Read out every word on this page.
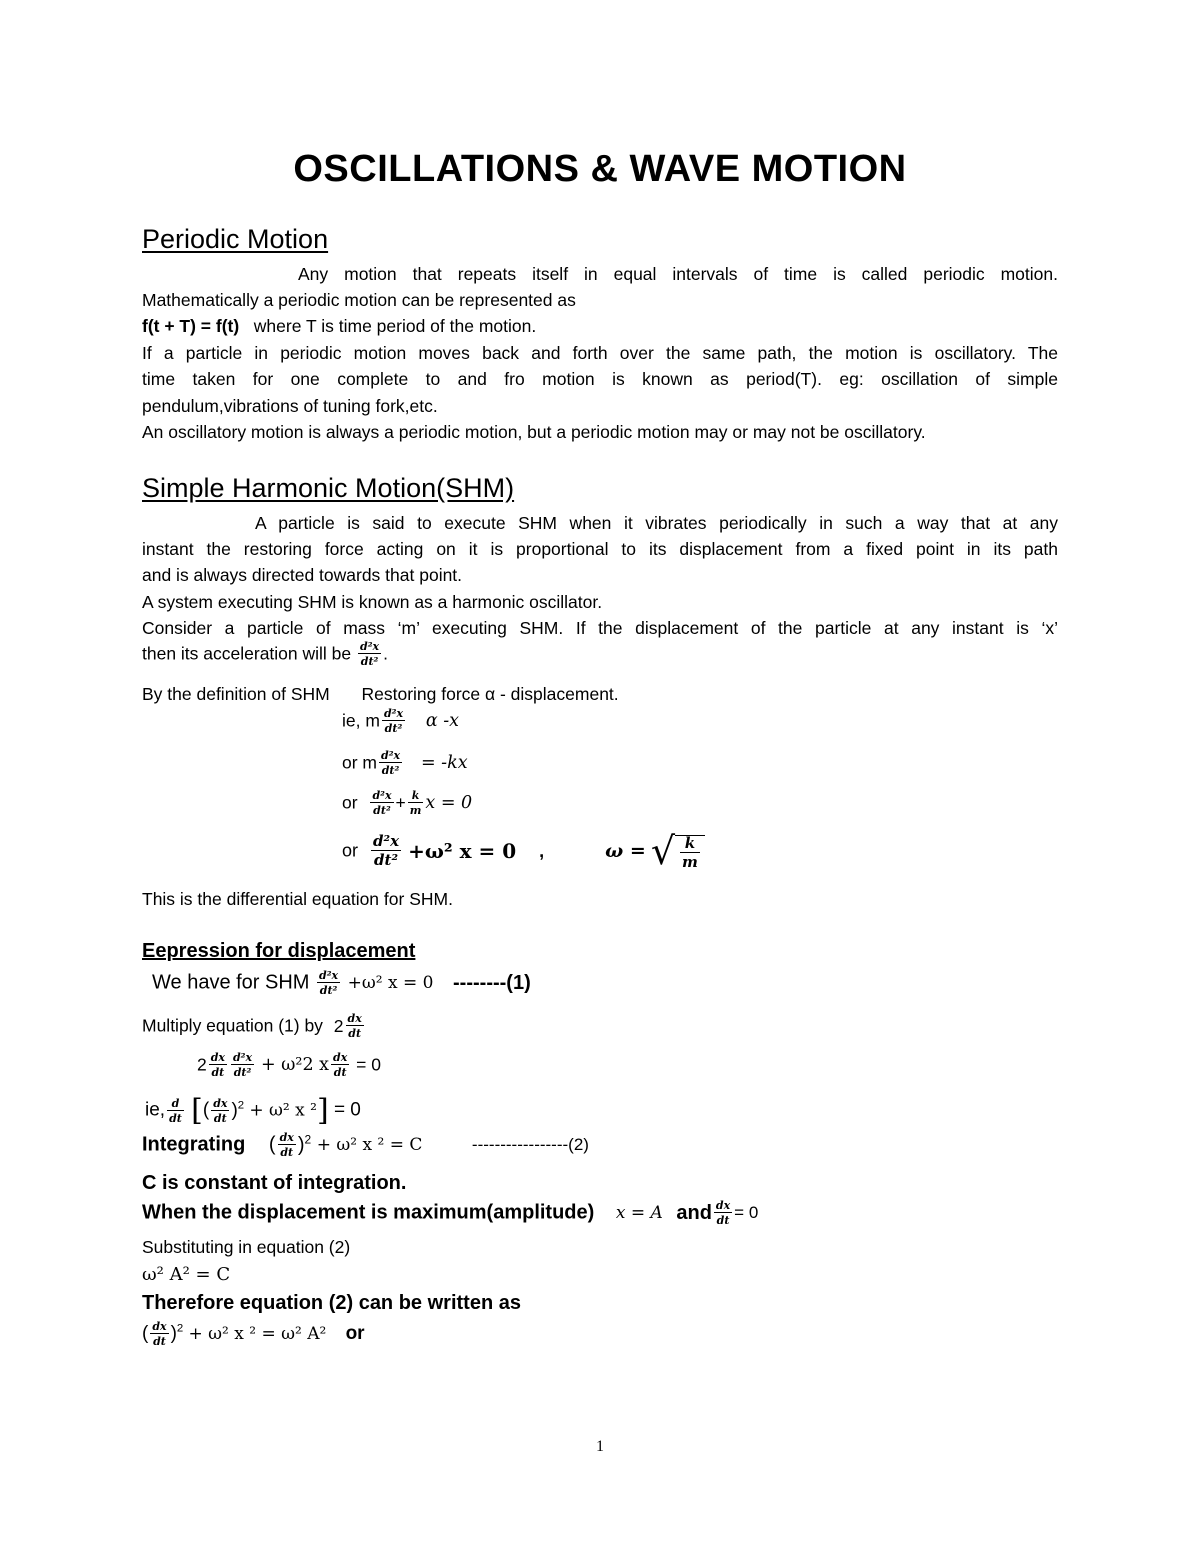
OSCILLATIONS & WAVE MOTION
Periodic Motion
Any motion that repeats itself in equal intervals of time is called periodic motion.
Mathematically a periodic motion can be represented as
f(t + T) = f(t) where T is time period of the motion.
If a particle in periodic motion moves back and forth over the same path, the motion is oscillatory. The
time taken for one complete to and fro motion is known as period(T). eg: oscillation of simple
pendulum,vibrations of tuning fork,etc.
An oscillatory motion is always a periodic motion, but a periodic motion may or may not be oscillatory.
Simple Harmonic Motion(SHM)
A particle is said to execute SHM when it vibrates periodically in such a way that at any
instant the restoring force acting on it is proportional to its displacement from a fixed point in its path
and is always directed towards that point.
A system executing SHM is known as a harmonic oscillator.
Consider a particle of mass ‘m’ executing SHM. If the displacement of the particle at any instant is ‘x’
then its acceleration will be $\frac{\text{d²x}}{\text{dt²}}$ .
By the definition of SHM Restoring force α - displacement.
ie, m $\frac{\text{d²x}}{\text{dt²}}$ α -x
or m $\frac{\text{d²x}}{\text{dt²}} = -kx$
or $\frac{\text{d²x}}{\text{dt²}} + \frac{k}{m}$ x = 0
or $\frac{\text{d²x}}{\text{dt²}} +\omega^2$ x = 0 ,	ω = √ $\frac{k}{m}$
This is the differential equation for SHM.
Eepression for displacement
We have for SHM $\frac{\text{d²x}}{\text{dt²}} +\omega^2$ x = 0 --------(1)
Multiply equation (1) by $2 \frac{dx}{dt}$
$2 \frac{dx}{dt} \frac{\text{d²x}}{\text{dt²}} + \omega^22$ x $\frac{dx}{dt} = 0$
ie, $\frac{d}{dt}$ [( $\frac{dx}{dt} )^2 + \omega^2$ x ²] = 0
Integrating ( $\frac{dx}{dt} )^2 + \omega^2$ x ² = C	-----------------(2)
C is constant of integration.
When the displacement is maximum(amplitude) x = A and $\frac{dx}{dt} = 0$
Substituting in equation (2)
ω² A² = C
Therefore equation (2) can be written as
( $\frac{dx}{dt} )^2 + \omega^2$ x ² = ω² A² or
1
